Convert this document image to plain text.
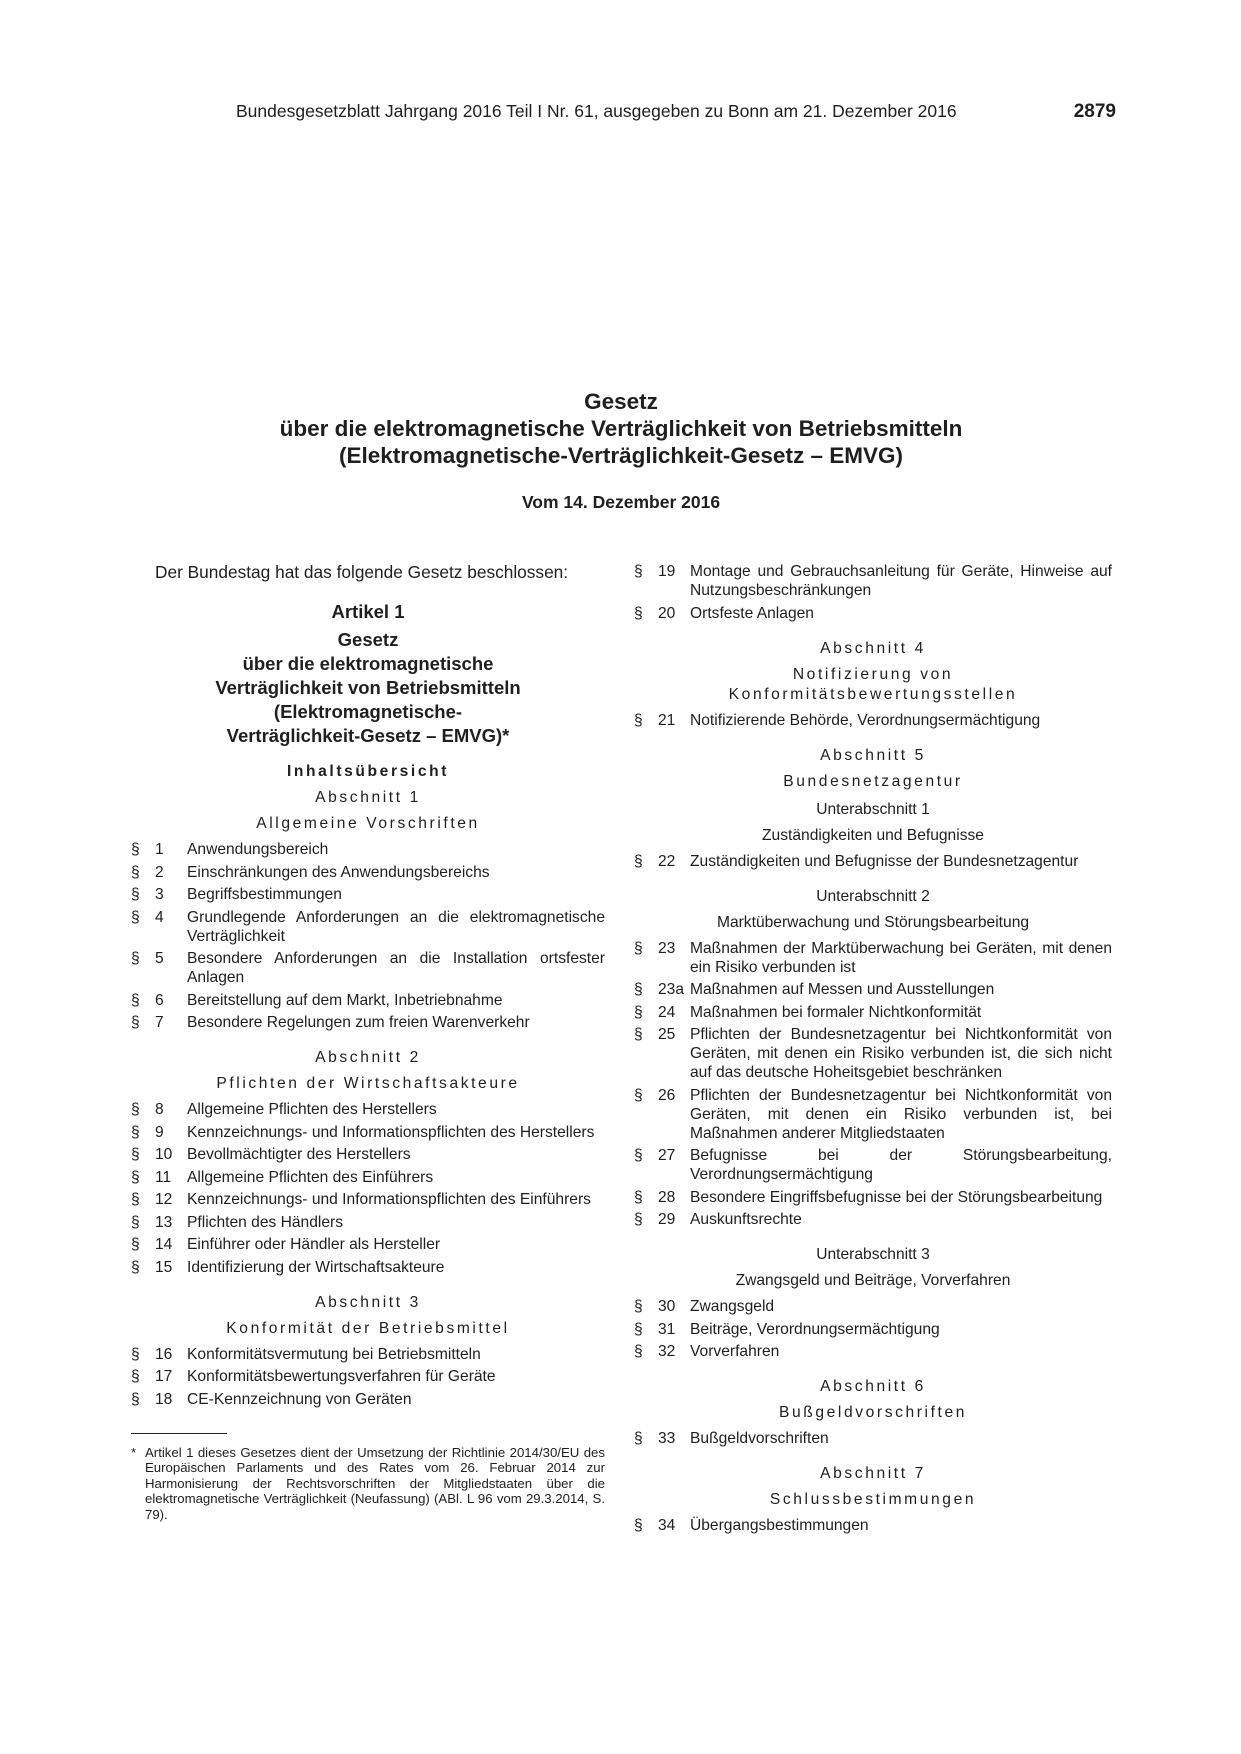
Bundesgesetzblatt Jahrgang 2016 Teil I Nr. 61, ausgegeben zu Bonn am 21. Dezember 2016	2879
Gesetz
über die elektromagnetische Verträglichkeit von Betriebsmitteln
(Elektromagnetische-Verträglichkeit-Gesetz – EMVG)
Vom 14. Dezember 2016

Der Bundestag hat das folgende Gesetz beschlossen:

Artikel 1
Gesetz
über die elektromagnetische
Verträglichkeit von Betriebsmitteln
(Elektromagnetische-
Verträglichkeit-Gesetz – EMVG)*
Inhaltsübersicht
Abschnitt 1
Allgemeine Vorschriften
§ 1	Anwendungsbereich
§ 2	Einschränkungen des Anwendungsbereichs
§ 3	Begriffsbestimmungen
§ 4	Grundlegende Anforderungen an die elektromagnetische Verträglichkeit
§ 5	Besondere Anforderungen an die Installation ortsfester Anlagen
§ 6	Bereitstellung auf dem Markt, Inbetriebnahme
§ 7	Besondere Regelungen zum freien Warenverkehr
Abschnitt 2
Pflichten der Wirtschaftsakteure
§ 8	Allgemeine Pflichten des Herstellers
§ 9	Kennzeichnungs- und Informationspflichten des Herstellers
§ 10 Bevollmächtigter des Herstellers
§ 11	Allgemeine Pflichten des Einführers
§ 12 Kennzeichnungs- und Informationspflichten des Einführers
§ 13 Pflichten des Händlers
§ 14 Einführer oder Händler als Hersteller
§ 15 Identifizierung der Wirtschaftsakteure
Abschnitt 3
Konformität der Betriebsmittel
§ 16 Konformitätsvermutung bei Betriebsmitteln
§ 17 Konformitätsbewertungsverfahren für Geräte
§ 18 CE-Kennzeichnung von Geräten
* Artikel 1 dieses Gesetzes dient der Umsetzung der Richtlinie 2014/30/EU des Europäischen Parlaments und des Rates vom 26. Februar 2014 zur Harmonisierung der Rechtsvorschriften der Mitgliedstaaten über die elektromagnetische Verträglichkeit (Neufassung) (ABl. L 96 vom 29.3.2014, S. 79).
§ 19 Montage und Gebrauchsanleitung für Geräte, Hinweise auf Nutzungsbeschränkungen
§ 20 Ortsfeste Anlagen
Abschnitt 4
Notifizierung von
Konformitätsbewertungsstellen
§ 21 Notifizierende Behörde, Verordnungsermächtigung
Abschnitt 5
Bundesnetzagentur
Unterabschnitt 1
Zuständigkeiten und Befugnisse
§ 22 Zuständigkeiten und Befugnisse der Bundesnetzagentur
Unterabschnitt 2
Marktüberwachung und Störungsbearbeitung
§ 23 Maßnahmen der Marktüberwachung bei Geräten, mit denen ein Risiko verbunden ist
§ 23a Maßnahmen auf Messen und Ausstellungen
§ 24 Maßnahmen bei formaler Nichtkonformität
§ 25 Pflichten der Bundesnetzagentur bei Nichtkonformität von Geräten, mit denen ein Risiko verbunden ist, die sich nicht auf das deutsche Hoheitsgebiet beschränken
§ 26 Pflichten der Bundesnetzagentur bei Nichtkonformität von Geräten, mit denen ein Risiko verbunden ist, bei Maßnahmen anderer Mitgliedstaaten
§ 27 Befugnisse bei der Störungsbearbeitung, Verordnungsermächtigung
§ 28 Besondere Eingriffsbefugnisse bei der Störungsbearbeitung
§ 29 Auskunftsrechte
Unterabschnitt 3
Zwangsgeld und Beiträge, Vorverfahren
§ 30 Zwangsgeld
§ 31 Beiträge, Verordnungsermächtigung
§ 32 Vorverfahren
Abschnitt 6
Bußgeldvorschriften
§ 33 Bußgeldvorschriften
Abschnitt 7
Schlussbestimmungen
§ 34 Übergangsbestimmungen
